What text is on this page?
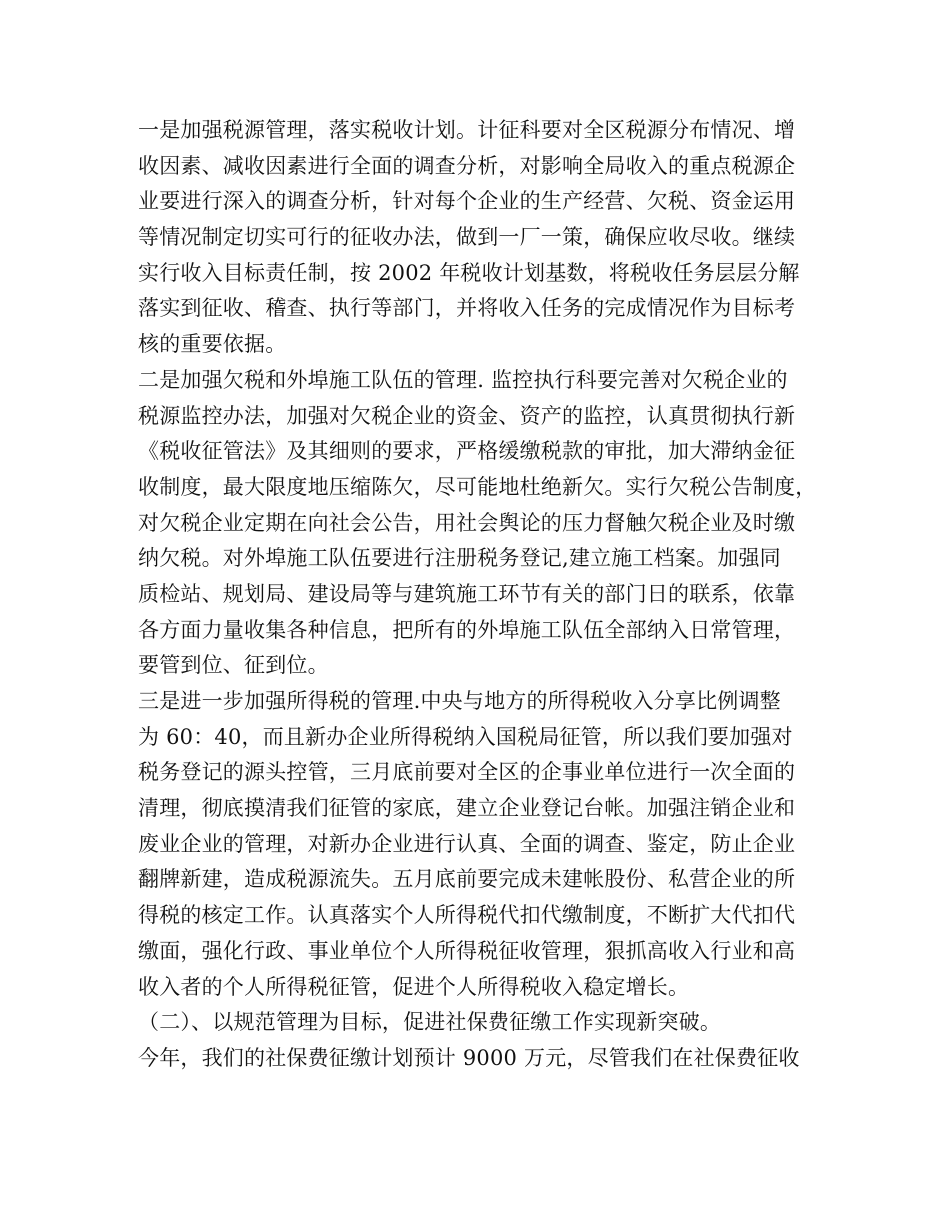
一是加强税源管理，落实税收计划。计征科要对全区税源分布情况、增
收因素、减收因素进行全面的调查分析，对影响全局收入的重点税源企
业要进行深入的调查分析，针对每个企业的生产经营、欠税、资金运用
等情况制定切实可行的征收办法，做到一厂一策，确保应收尽收。继续
实行收入目标责任制，按 2002 年税收计划基数，将税收任务层层分解
落实到征收、稽查、执行等部门，并将收入任务的完成情况作为目标考
核的重要依据。
二是加强欠税和外埠施工队伍的管理. 监控执行科要完善对欠税企业的
税源监控办法，加强对欠税企业的资金、资产的监控，认真贯彻执行新
《税收征管法》及其细则的要求，严格缓缴税款的审批，加大滞纳金征
收制度，最大限度地压缩陈欠，尽可能地杜绝新欠。实行欠税公告制度，
对欠税企业定期在向社会公告，用社会舆论的压力督触欠税企业及时缴
纳欠税。对外埠施工队伍要进行注册税务登记,建立施工档案。加强同
质检站、规划局、建设局等与建筑施工环节有关的部门日的联系，依靠
各方面力量收集各种信息，把所有的外埠施工队伍全部纳入日常管理，
要管到位、征到位。
三是进一步加强所得税的管理.中央与地方的所得税收入分享比例调整
为 60：40，而且新办企业所得税纳入国税局征管，所以我们要加强对
税务登记的源头控管，三月底前要对全区的企事业单位进行一次全面的
清理，彻底摸清我们征管的家底，建立企业登记台帐。加强注销企业和
废业企业的管理，对新办企业进行认真、全面的调查、鉴定，防止企业
翻牌新建，造成税源流失。五月底前要完成未建帐股份、私营企业的所
得税的核定工作。认真落实个人所得税代扣代缴制度，不断扩大代扣代
缴面，强化行政、事业单位个人所得税征收管理，狠抓高收入行业和高
收入者的个人所得税征管，促进个人所得税收入稳定增长。
（二）、以规范管理为目标，促进社保费征缴工作实现新突破。
今年，我们的社保费征缴计划预计 9000 万元，尽管我们在社保费征收
